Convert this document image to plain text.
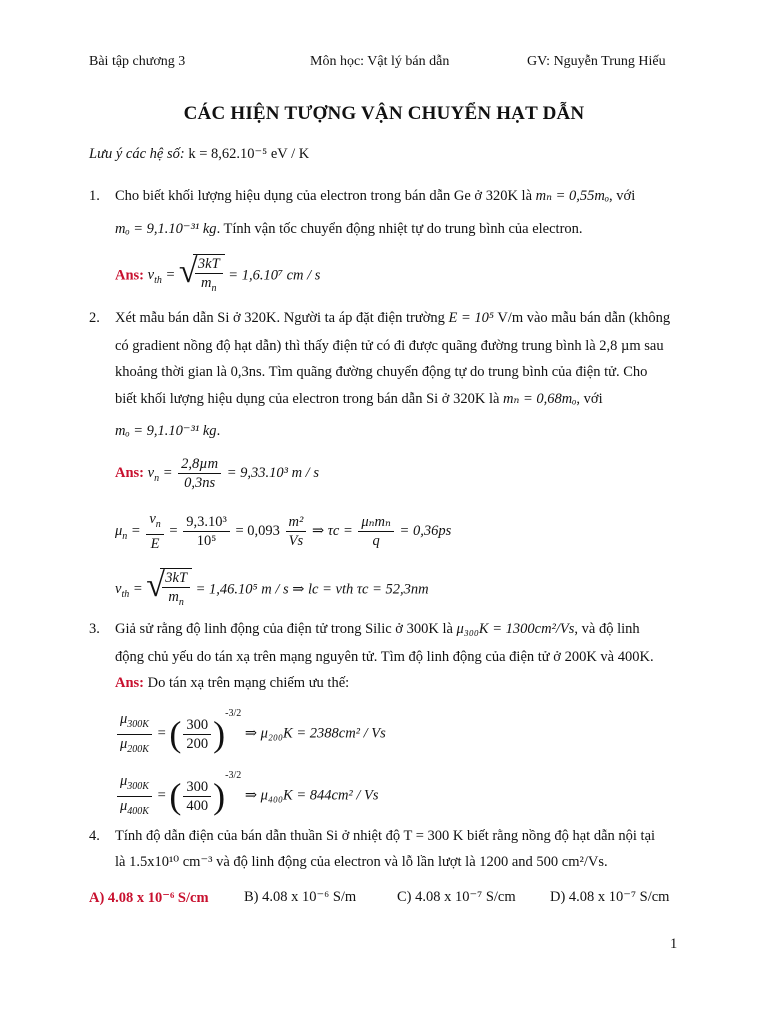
Bài tập chương 3	Môn học: Vật lý bán dẫn	GV: Nguyễn Trung Hiếu
CÁC HIỆN TƯỢNG VẬN CHUYỂN HẠT DẪN
Lưu ý các hệ số: k = 8,62.10⁻⁵ eV / K
1. Cho biết khối lượng hiệu dụng của electron trong bán dẫn Ge ở 320K là mₙ = 0,55mₒ, với
mₒ = 9,1.10⁻³¹ kg. Tính vận tốc chuyển động nhiệt tự do trung bình của electron.
Ans: $v_{th}$ = √
$\frac{3kT}{m_n} = 1,6.10^7$ cm / s
2. Xét mẫu bán dẫn Si ở 320K. Người ta áp đặt điện trường E = 10⁵ V/m vào mẫu bán dẫn (không
có gradient nồng độ hạt dẫn) thì thấy điện tử có đi được quãng đường trung bình là 2,8 µm sau
khoảng thời gian là 0,3ns. Tìm quãng đường chuyển động tự do trung bình của điện tử. Cho
biết khối lượng hiệu dụng của electron trong bán dẫn Si ở 320K là mₙ = 0,68mₒ, với
mₒ = 9,1.10⁻³¹ kg.
Ans: $v_n = \frac{\text{2,8µm}}{0,3ns} = 9,33.10^3$ m / s
$\mu_n = \frac{v_n}{E} = \frac{\text{9,3.10³}}{\text{10⁵}} = 0,093 \frac{\text{m²}}{Vs}$ ⇒ $\tau c = \frac{\text{μₙmₙ}}{q} = 0,36ps$
$v_{th}$ = √
$\frac{3kT}{m_n} = 1,46.10^5$ m / s ⇒ lc = vth τc = 52,3nm
3. Giả sử rằng độ linh động của điện tử trong Silic ở 300K là μ₃₀₀K = 1300cm²/Vs, và độ linh
động chủ yếu do tán xạ trên mạng nguyên tử. Tìm độ linh động của điện tử ở 200K và 400K.
Ans: Do tán xạ trên mạng chiếm ưu thế:
$\frac{\mu_{300K}}{\mu_{200K}}$ = ( $\frac{300}{200} )^{-3/2}$ ⇒ μ₂₀₀K = 2388cm² / Vs
$\frac{\mu_{300K}}{\mu_{400K}}$ = ( $\frac{300}{400} )^{-3/2}$ ⇒ μ₄₀₀K = 844cm² / Vs
4. Tính độ dẫn điện của bán dẫn thuần Si ở nhiệt độ T = 300 K biết rằng nồng độ hạt dẫn nội tại
là 1.5x10¹⁰ cm⁻³ và độ linh động của electron và lỗ lần lượt là 1200 and 500 cm²/Vs.
A) 4.08 x 10⁻⁶ S/cm B) 4.08 x 10⁻⁶ S/m	C) 4.08 x 10⁻⁷ S/cm D) 4.08 x 10⁻⁷ S/cm
1
